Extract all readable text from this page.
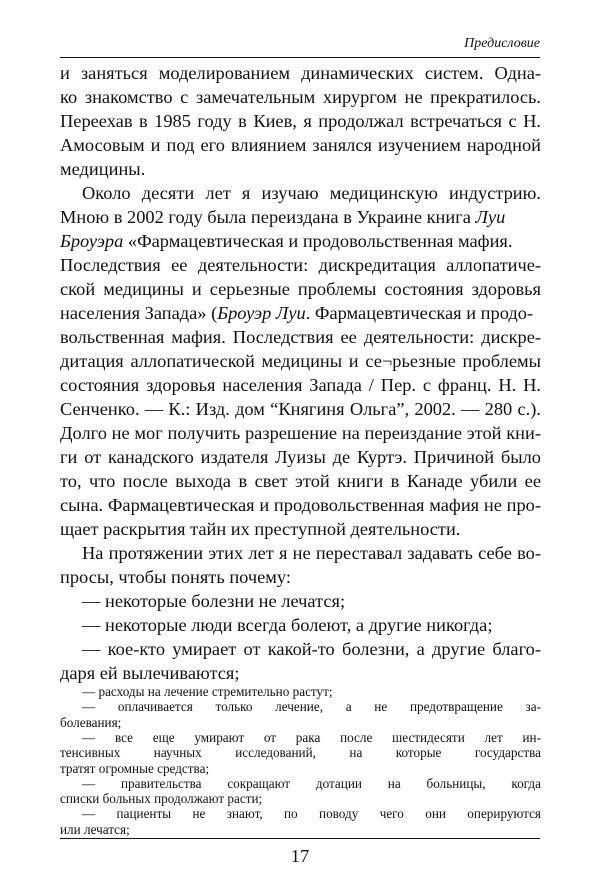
Предисловие
и заняться моделированием динамических систем. Одна-
ко знакомство с замечательным хирургом не прекратилось.
Переехав в 1985 году в Киев, я продолжал встречаться с Н.
Амосовым и под его влиянием занялся изучением народной
медицины.
Около десяти лет я изучаю медицинскую индустрию.
Мною в 2002 году была переиздана в Украине книга Луи
Броуэра «Фармацевтическая и продовольственная мафия.
Последствия ее деятельности: дискредитация аллопатиче-
ской медицины и серьезные проблемы состояния здоровья
населения Запада» (Броуэр Луи. Фармацевтическая и продо-
вольственная мафия. Последствия ее деятельности: дискре-
дитация аллопатической медицины и се¬рьезные проблемы
состояния здоровья населения Запада / Пер. с франц. Н. Н.
Сенченко. — К.: Изд. дом “Княгиня Ольга”, 2002. — 280 с.).
Долго не мог получить разрешение на переиздание этой кни-
ги от канадского издателя Луизы де Куртэ. Причиной было
то, что после выхода в свет этой книги в Канаде убили ее
сына. Фармацевтическая и продовольственная мафия не про-
щает раскрытия тайн их преступной деятельности.
На протяжении этих лет я не переставал задавать себе во-
просы, чтобы понять почему:
— некоторые болезни не лечатся;
— некоторые люди всегда болеют, а другие никогда;
— кое-кто умирает от какой-то болезни, а другие благо-
даря ей вылечиваются;
17
— расходы на лечение стремительно растут;
— оплачивается только лечение, а не предотвращение за-
болевания;
— все еще умирают от рака после шестидесяти лет ин-
тенсивных научных исследований, на которые государства
тратят огромные средства;
— правительства сокращают дотации на больницы, когда
списки больных продолжают расти;
— пациенты не знают, по поводу чего они оперируются
или лечатся;
